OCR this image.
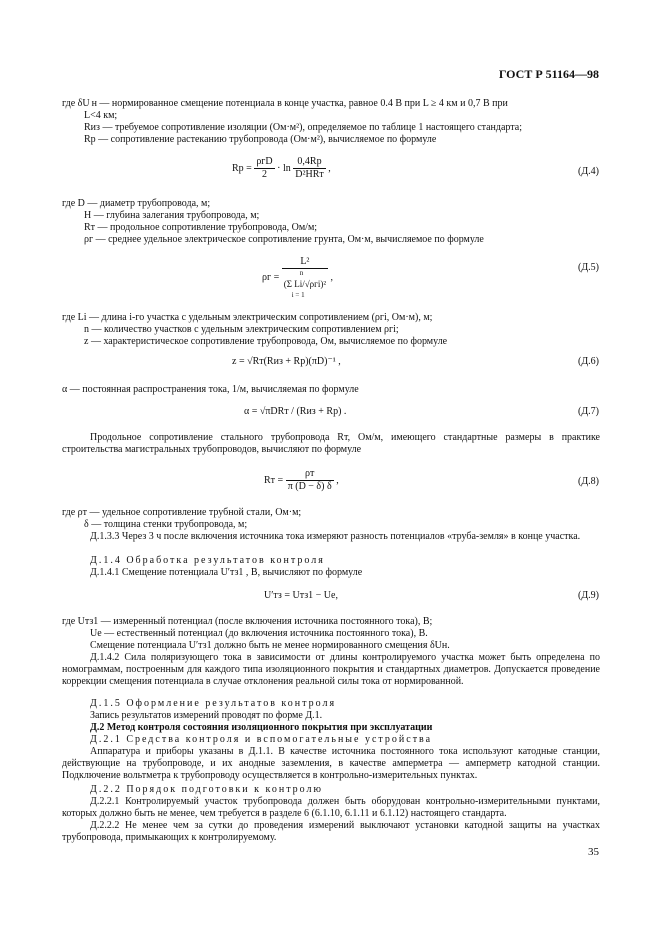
ГОСТ Р 51164—98
где δU н — нормированное смещение потенциала в конце участка, равное 0.4 В при L ≥ 4 км и 0,7 В при
L<4 км;
Rиз — требуемое сопротивление изоляции (Ом·м²), определяемое по таблице 1 настоящего стандарта;
Rр — сопротивление растеканию трубопровода (Ом·м²), вычисляемое по формуле
Rр = $\frac{\text{ρгD}}{2} \cdot \ln \frac{0,4Rр}{\text{D²HRт}}$ ,	(Д.4)
где D — диаметр трубопровода, м;
H — глубина залегания трубопровода, м;
Rт — продольное сопротивление трубопровода, Ом/м;
ρг — среднее удельное электрическое сопротивление грунта, Ом·м, вычисляемое по формуле
ρг = L²
n
(Σ Li/√ρгi)²
i = 1 ,
(Д.5)
где Li — длина i-го участка с удельным электрическим сопротивлением (ρгi, Ом·м), м;
n — количество участков с удельным электрическим сопротивлением ρгi;
z — характеристическое сопротивление трубопровода, Ом, вычисляемое по формуле
z = √Rт(Rиз + Rр)(πD)⁻¹ ,	(Д.6)
α — постоянная распространения тока, 1/м, вычисляемая по формуле
α = √πDRт / (Rиз + Rр) .	(Д.7)
Продольное сопротивление стального трубопровода Rт, Ом/м, имеющего стандартные размеры в практике строительства магистральных трубопроводов, вычисляют по формуле
Rт = $\frac{\rho т}{\pi (D - \delta) \delta}$ ,	(Д.8)
где ρт — удельное сопротивление трубной стали, Ом·м;
δ — толщина стенки трубопровода, м;
Д.1.3.3 Через 3 ч после включения источника тока измеряют разность потенциалов «труба-земля» в конце участка.
Д.1.4 Обработка результатов контроля
Д.1.4.1 Смещение потенциала U′тз1 , В, вычисляют по формуле
U′тз = Uтз1 − Uе,	(Д.9)
где Uтз1 — измеренный потенциал (после включения источника постоянного тока), В;
Uе — естественный потенциал (до включения источника постоянного тока), В.
Смещение потенциала U′тз1 должно быть не менее нормированного смещения δUн.
Д.1.4.2 Сила поляризующего тока в зависимости от длины контролируемого участка может быть определена по номограммам, построенным для каждого типа изоляционного покрытия и стандартных диаметров. Допускается проведение коррекции смещения потенциала в случае отклонения реальной силы тока от нормированной.
Д.1.5 Оформление результатов контроля
Запись результатов измерений проводят по форме Д.1.
Д.2 Метод контроля состояния изоляционного покрытия при эксплуатации
Д.2.1 Средства контроля и вспомогательные устройства
Аппаратура и приборы указаны в Д.1.1. В качестве источника постоянного тока используют катодные станции, действующие на трубопроводе, и их анодные заземления, в качестве амперметра — амперметр катодной станции. Подключение вольтметра к трубопроводу осуществляется в контрольно-измерительных пунктах.
Д.2.2 Порядок подготовки к контролю
Д.2.2.1 Контролируемый участок трубопровода должен быть оборудован контрольно-измерительными пунктами, которых должно быть не менее, чем требуется в разделе 6 (6.1.10, 6.1.11 и 6.1.12) настоящего стандарта.
Д.2.2.2 Не менее чем за сутки до проведения измерений выключают установки катодной защиты на участках трубопровода, примыкающих к контролируемому.
35
